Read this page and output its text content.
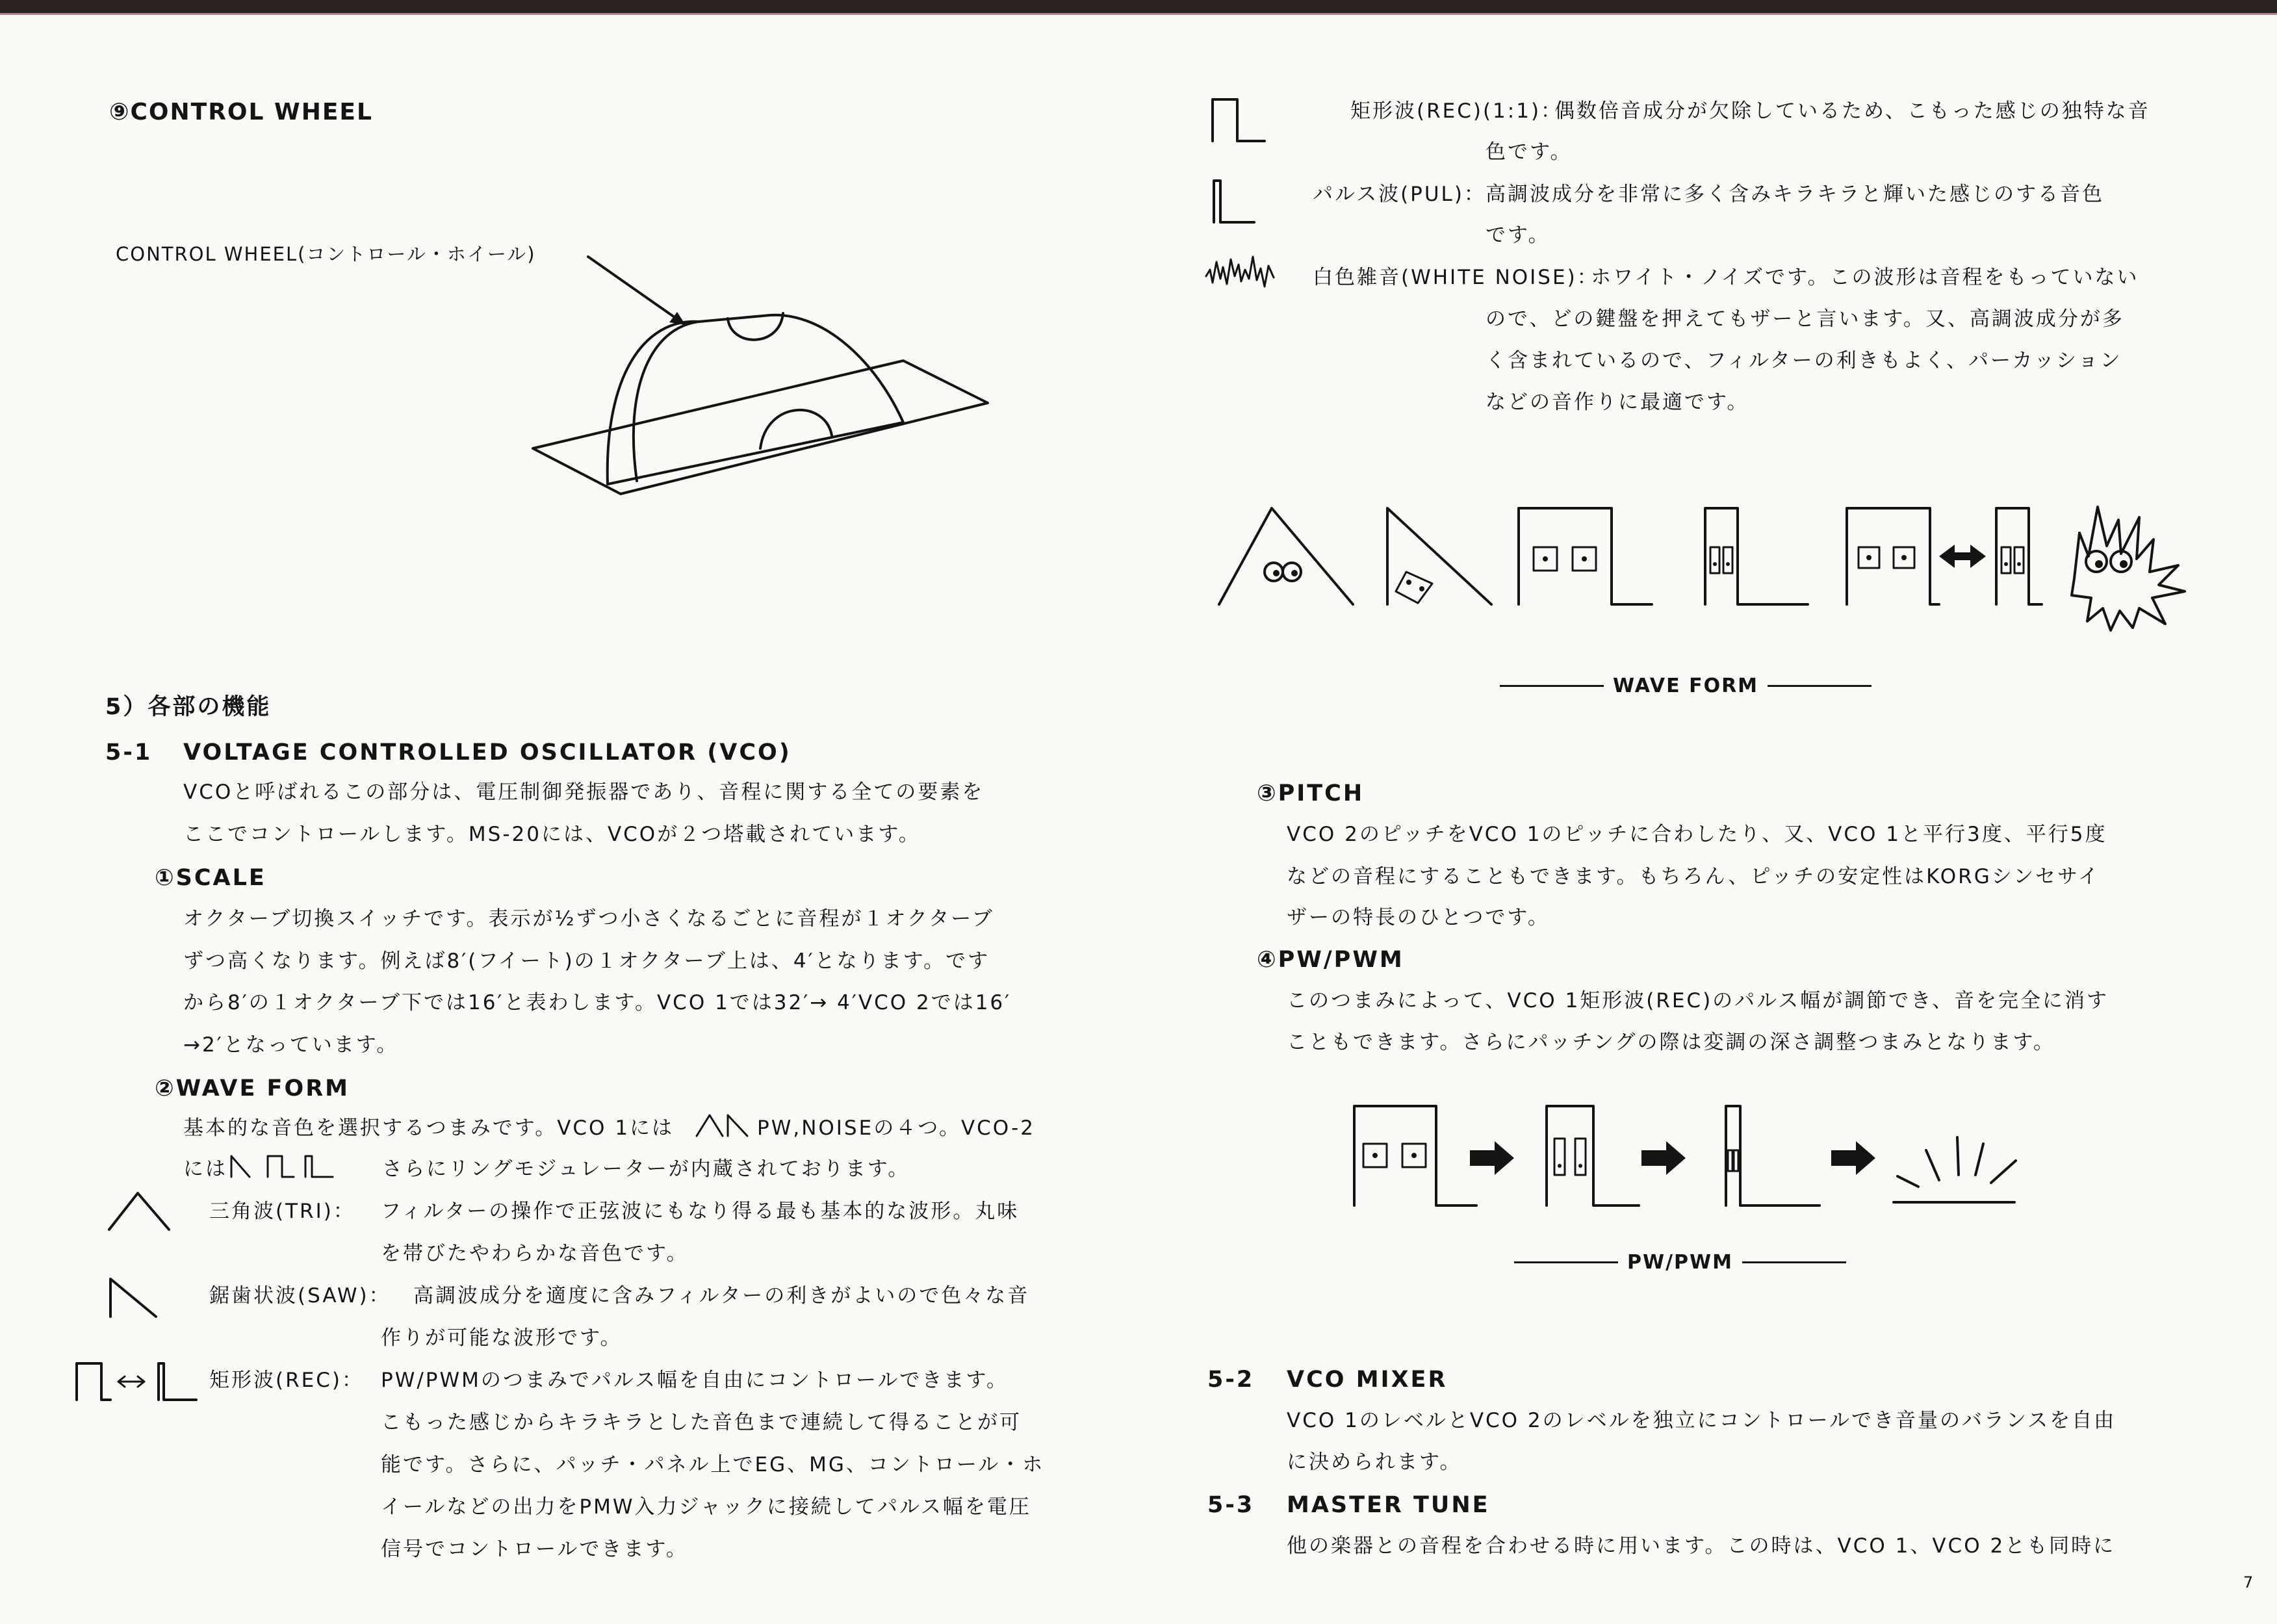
⑨CONTROL WHEEL
CONTROL WHEEL(コントロール・ホイール)
5）各部の機能
5-1 VOLTAGE CONTROLLED OSCILLATOR (VCO)
VCOと呼ばれるこの部分は、電圧制御発振器であり、音程に関する全ての要素を
ここでコントロールします。MS-20には、VCOが２つ塔載されています。
①SCALE
オクターブ切換スイッチです。表示が½ずつ小さくなるごとに音程が１オクターブ
ずつ高くなります。例えば8′(フイート)の１オクターブ上は、4′となります。です
から8′の１オクターブ下では16′と表わします。VCO 1では32′→ 4′VCO 2では16′
→2′となっています。
②WAVE FORM
基本的な音色を選択するつまみです。VCO 1には	PW,NOISEの４つ。VCO-2
には	さらにリングモジュレーターが内蔵されております。
三角波(TRI)： フィルターの操作で正弦波にもなり得る最も基本的な波形。丸味
を帯びたやわらかな音色です。
鋸歯状波(SAW)： 高調波成分を適度に含みフィルターの利きがよいので色々な音
作りが可能な波形です。
矩形波(REC)： PW/PWMのつまみでパルス幅を自由にコントロールできます。
こもった感じからキラキラとした音色まで連続して得ることが可
能です。さらに、パッチ・パネル上でEG、MG、コントロール・ホ
イールなどの出力をPMW入力ジャックに接続してパルス幅を電圧
信号でコントロールできます。
矩形波(REC)(1:1)：
偶数倍音成分が欠除しているため、こもった感じの独特な音
色です。
パルス波(PUL)： 高調波成分を非常に多く含みキラキラと輝いた感じのする音色
です。
白色雑音(WHITE NOISE)：
ホワイト・ノイズです。この波形は音程をもっていない
ので、どの鍵盤を押えてもザーと言います。又、高調波成分が多
く含まれているので、フィルターの利きもよく、パーカッション
などの音作りに最適です。
WAVE FORM
③PITCH
VCO 2のピッチをVCO 1のピッチに合わしたり、又、VCO 1と平行3度、平行5度
などの音程にすることもできます。もちろん、ピッチの安定性はKORGシンセサイ
ザーの特長のひとつです。
④PW/PWM
このつまみによって、VCO 1矩形波(REC)のパルス幅が調節でき、音を完全に消す
こともできます。さらにパッチングの際は変調の深さ調整つまみとなります。
PW/PWM
5-2 VCO MIXER
VCO 1のレベルとVCO 2のレベルを独立にコントロールでき音量のバランスを自由
に決められます。
5-3 MASTER TUNE
他の楽器との音程を合わせる時に用います。この時は、VCO 1、VCO 2とも同時に
7
